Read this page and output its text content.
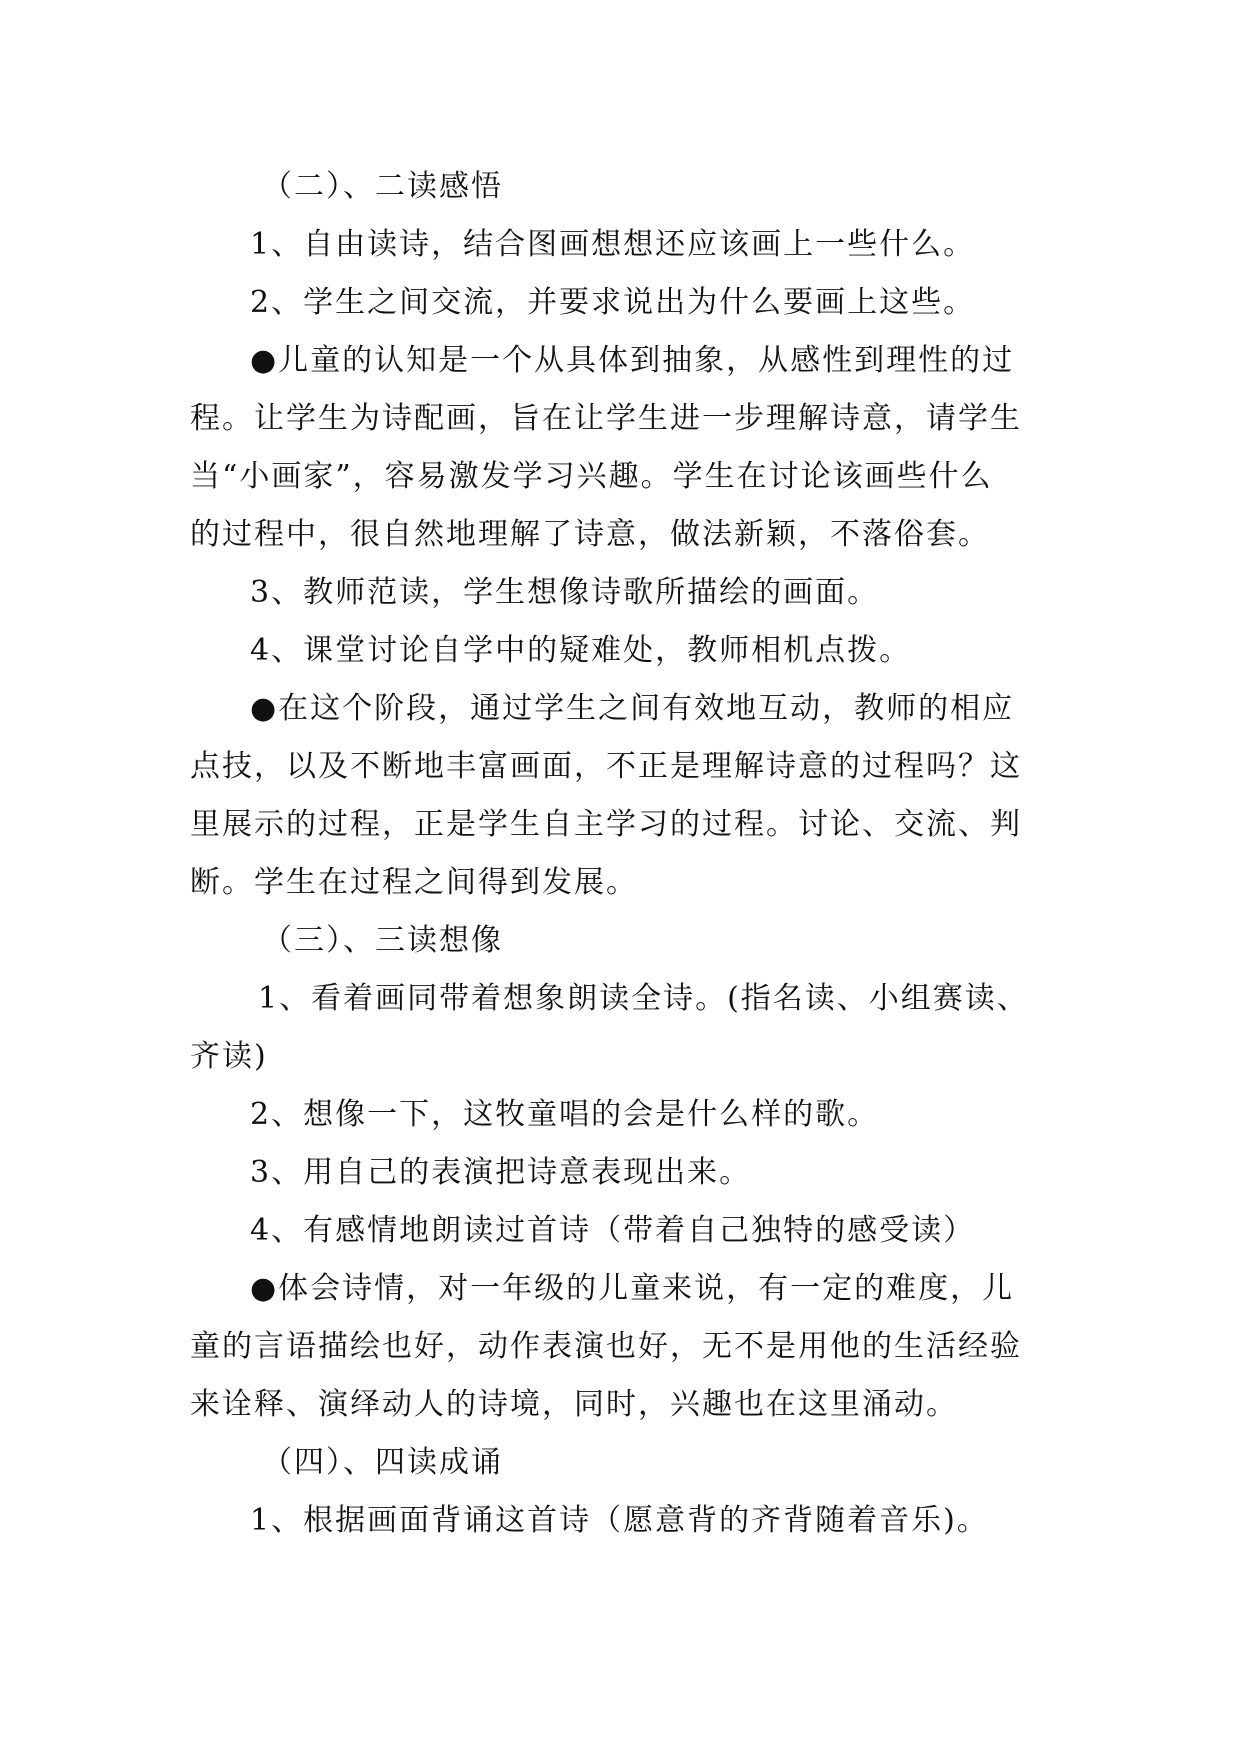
（二）、二读感悟
1、自由读诗，结合图画想想还应该画上一些什么。
2、学生之间交流，并要求说出为什么要画上这些。
●儿童的认知是一个从具体到抽象，从感性到理性的过
程。让学生为诗配画，旨在让学生进一步理解诗意，请学生
当“小画家”，容易激发学习兴趣。学生在讨论该画些什么
的过程中，很自然地理解了诗意，做法新颖，不落俗套。
3、教师范读，学生想像诗歌所描绘的画面。
4、课堂讨论自学中的疑难处，教师相机点拨。
●在这个阶段，通过学生之间有效地互动，教师的相应
点技，以及不断地丰富画面，不正是理解诗意的过程吗？这
里展示的过程，正是学生自主学习的过程。讨论、交流、判
断。学生在过程之间得到发展。
（三）、三读想像
1、看着画同带着想象朗读全诗。(指名读、小组赛读、
齐读)
2、想像一下，这牧童唱的会是什么样的歌。
3、用自己的表演把诗意表现出来。
4、有感情地朗读过首诗（带着自己独特的感受读）
●体会诗情，对一年级的儿童来说，有一定的难度，儿
童的言语描绘也好，动作表演也好，无不是用他的生活经验
来诠释、演绎动人的诗境，同时，兴趣也在这里涌动。
（四）、四读成诵
1、根据画面背诵这首诗（愿意背的齐背随着音乐)。
